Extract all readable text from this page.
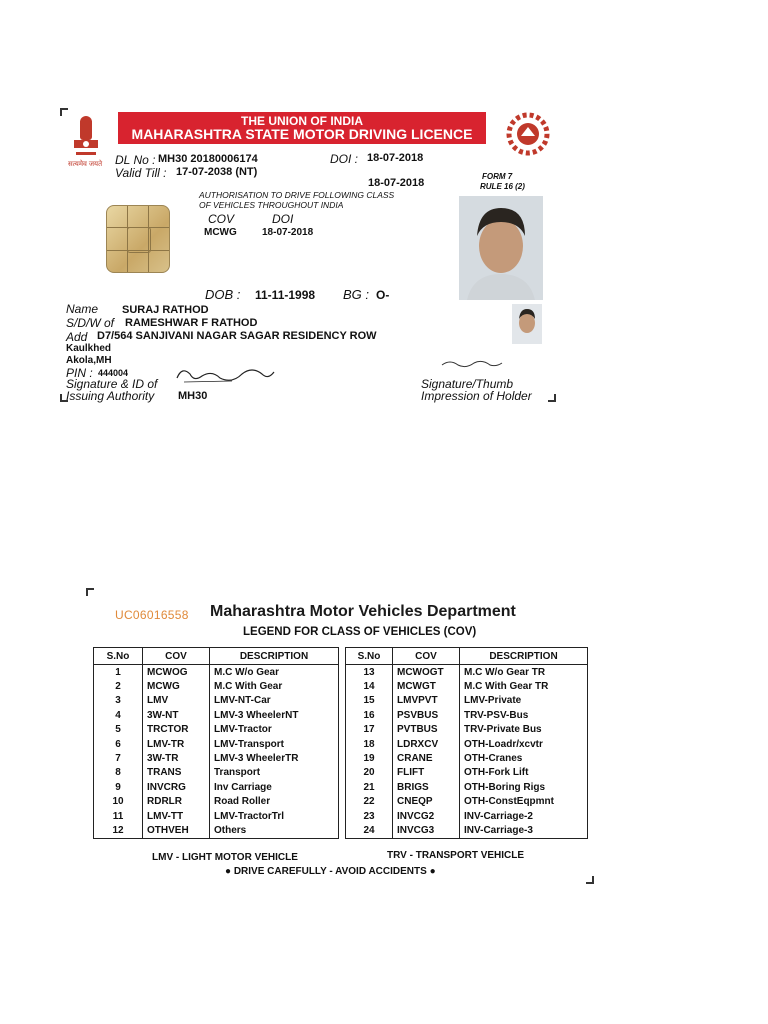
सत्यमेव जयते
THE UNION OF INDIA
MAHARASHTRA STATE MOTOR DRIVING LICENCE
DL No : MH30 20180006174	DOI : 18-07-2018
Valid Till : 17-07-2038 (NT)
18-07-2018
FORM 7
RULE 16 (2)
AUTHORISATION TO DRIVE FOLLOWING CLASS
OF VEHICLES THROUGHOUT INDIA
COV	DOI
MCWG	18-07-2018
DOB : 11-11-1998 BG : O-
Name SURAJ RATHOD
S/D/W of RAMESHWAR F RATHOD
Add D7/564 SANJIVANI NAGAR SAGAR RESIDENCY ROW
Kaulkhed
Akola,MH
PIN : 444004
Signature & ID of
Issuing Authority MH30
Signature/Thumb
Impression of Holder
UC06016558 Maharashtra Motor Vehicles Department
LEGEND FOR CLASS OF VEHICLES (COV)
S.No	COV	DESCRIPTION
1	MCWOG	M.C W/o Gear
2	MCWG	M.C With Gear
3	LMV	LMV-NT-Car
4	3W-NT	LMV-3 WheelerNT
5	TRCTOR	LMV-Tractor
6	LMV-TR	LMV-Transport
7	3W-TR	LMV-3 WheelerTR
8	TRANS	Transport
9	INVCRG	Inv Carriage
10	RDRLR	Road Roller
11	LMV-TT	LMV-TractorTrl
12	OTHVEH	Others
S.No	COV	DESCRIPTION
13	MCWOGT	M.C W/o Gear TR
14	MCWGT	M.C With Gear TR
15	LMVPVT	LMV-Private
16	PSVBUS	TRV-PSV-Bus
17	PVTBUS	TRV-Private Bus
18	LDRXCV	OTH-Loadr/xcvtr
19	CRANE	OTH-Cranes
20	FLIFT	OTH-Fork Lift
21	BRIGS	OTH-Boring Rigs
22	CNEQP	OTH-ConstEqpmnt
23	INVCG2	INV-Carriage-2
24	INVCG3	INV-Carriage-3
LMV - LIGHT MOTOR VEHICLE	TRV - TRANSPORT VEHICLE
● DRIVE CAREFULLY - AVOID ACCIDENTS ●
